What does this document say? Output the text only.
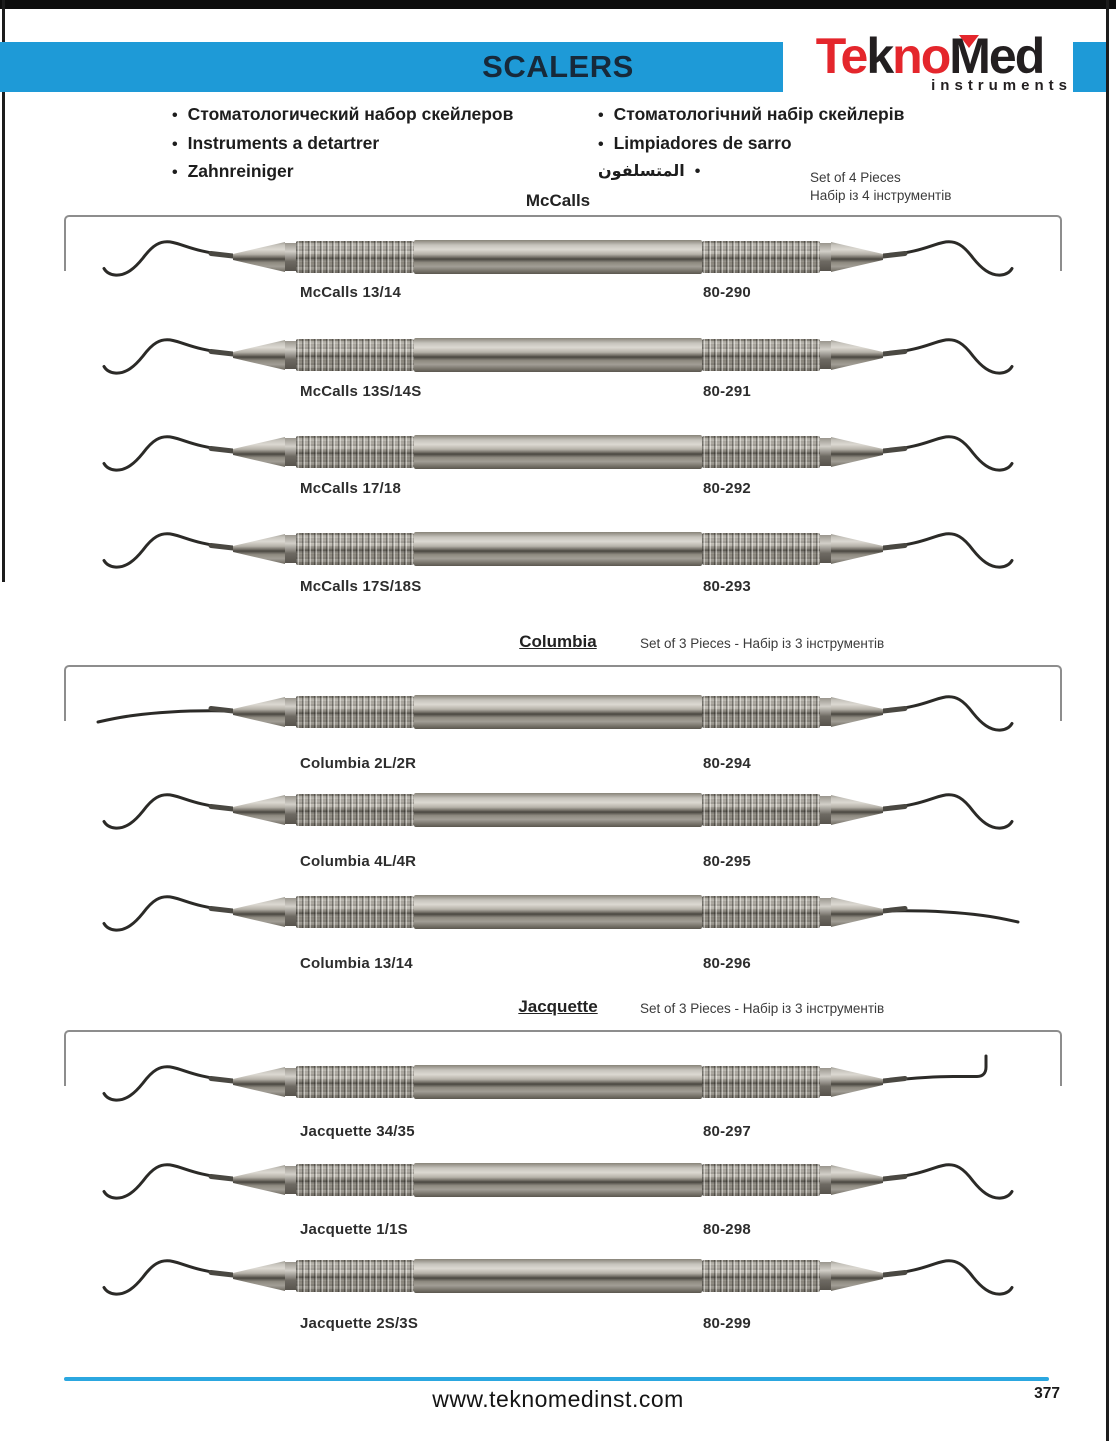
SCALERS	TeknoMed
instruments
• Стоматологический набор скейлеров
• Instruments a detartrer
• Zahnreiniger
• Стоматологічний набір скейлерів
• Limpiadores de sarro
المتسلفون •	Set of 4 Pieces
Набір із 4 інструментів
McCalls
Columbia	Set of 3 Pieces - Набір із 3 інструментів
Jacquette	Set of 3 Pieces - Набір із 3 інструментів
McCalls 13/14	80-290
McCalls 13S/14S	80-291
McCalls 17/18	80-292
McCalls 17S/18S	80-293
Columbia 2L/2R	80-294
Columbia 4L/4R	80-295
Columbia 13/14	80-296
Jacquette 34/35	80-297
Jacquette 1/1S	80-298
Jacquette 2S/3S	80-299
www.teknomedinst.com	377
